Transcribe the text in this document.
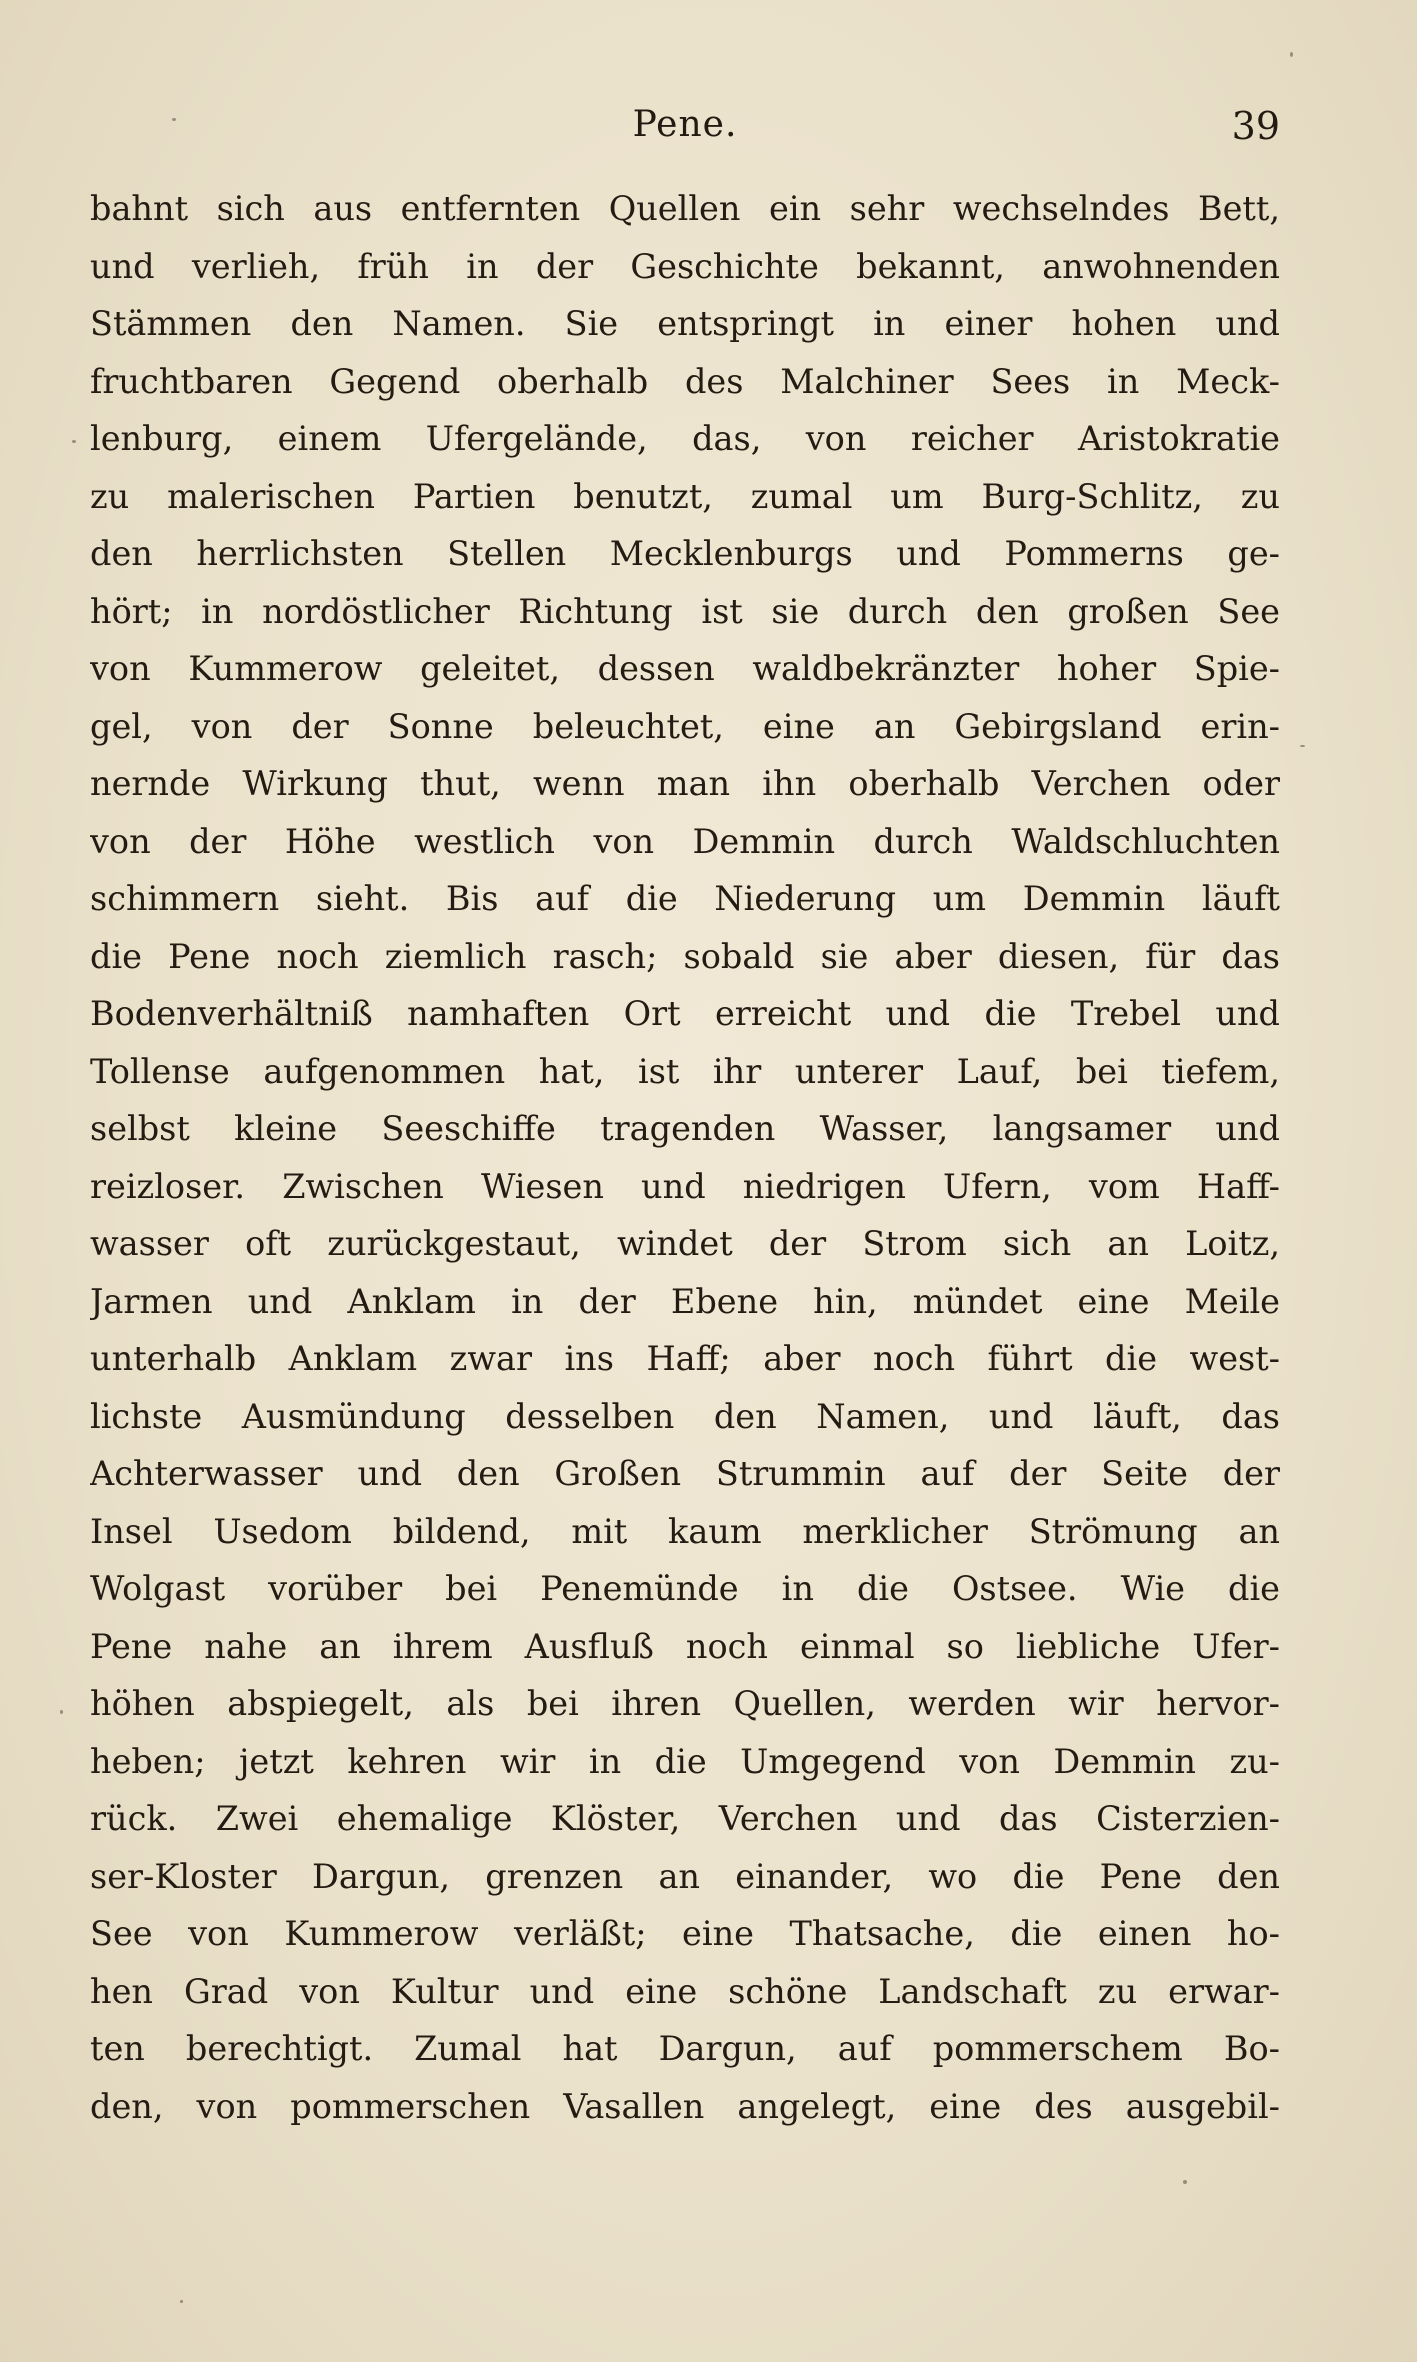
Pene.	39
bahnt sich aus entfernten Quellen ein sehr wechselndes Bett,
und verlieh, früh in der Geschichte bekannt, anwohnenden
Stämmen den Namen. Sie entspringt in einer hohen und
fruchtbaren Gegend oberhalb des Malchiner Sees in Meck-
lenburg, einem Ufergelände, das, von reicher Aristokratie
zu malerischen Partien benutzt, zumal um Burg-Schlitz, zu
den herrlichsten Stellen Mecklenburgs und Pommerns ge-
hört; in nordöstlicher Richtung ist sie durch den großen See
von Kummerow geleitet, dessen waldbekränzter hoher Spie-
gel, von der Sonne beleuchtet, eine an Gebirgsland erin-
nernde Wirkung thut, wenn man ihn oberhalb Verchen oder
von der Höhe westlich von Demmin durch Waldschluchten
schimmern sieht. Bis auf die Niederung um Demmin läuft
die Pene noch ziemlich rasch; sobald sie aber diesen, für das
Bodenverhältniß namhaften Ort erreicht und die Trebel und
Tollense aufgenommen hat, ist ihr unterer Lauf, bei tiefem,
selbst kleine Seeschiffe tragenden Wasser, langsamer und
reizloser. Zwischen Wiesen und niedrigen Ufern, vom Haff-
wasser oft zurückgestaut, windet der Strom sich an Loitz,
Jarmen und Anklam in der Ebene hin, mündet eine Meile
unterhalb Anklam zwar ins Haff; aber noch führt die west-
lichste Ausmündung desselben den Namen, und läuft, das
Achterwasser und den Großen Strummin auf der Seite der
Insel Usedom bildend, mit kaum merklicher Strömung an
Wolgast vorüber bei Penemünde in die Ostsee. Wie die
Pene nahe an ihrem Ausfluß noch einmal so liebliche Ufer-
höhen abspiegelt, als bei ihren Quellen, werden wir hervor-
heben; jetzt kehren wir in die Umgegend von Demmin zu-
rück. Zwei ehemalige Klöster, Verchen und das Cisterzien-
ser-Kloster Dargun, grenzen an einander, wo die Pene den
See von Kummerow verläßt; eine Thatsache, die einen ho-
hen Grad von Kultur und eine schöne Landschaft zu erwar-
ten berechtigt. Zumal hat Dargun, auf pommerschem Bo-
den, von pommerschen Vasallen angelegt, eine des ausgebil-
